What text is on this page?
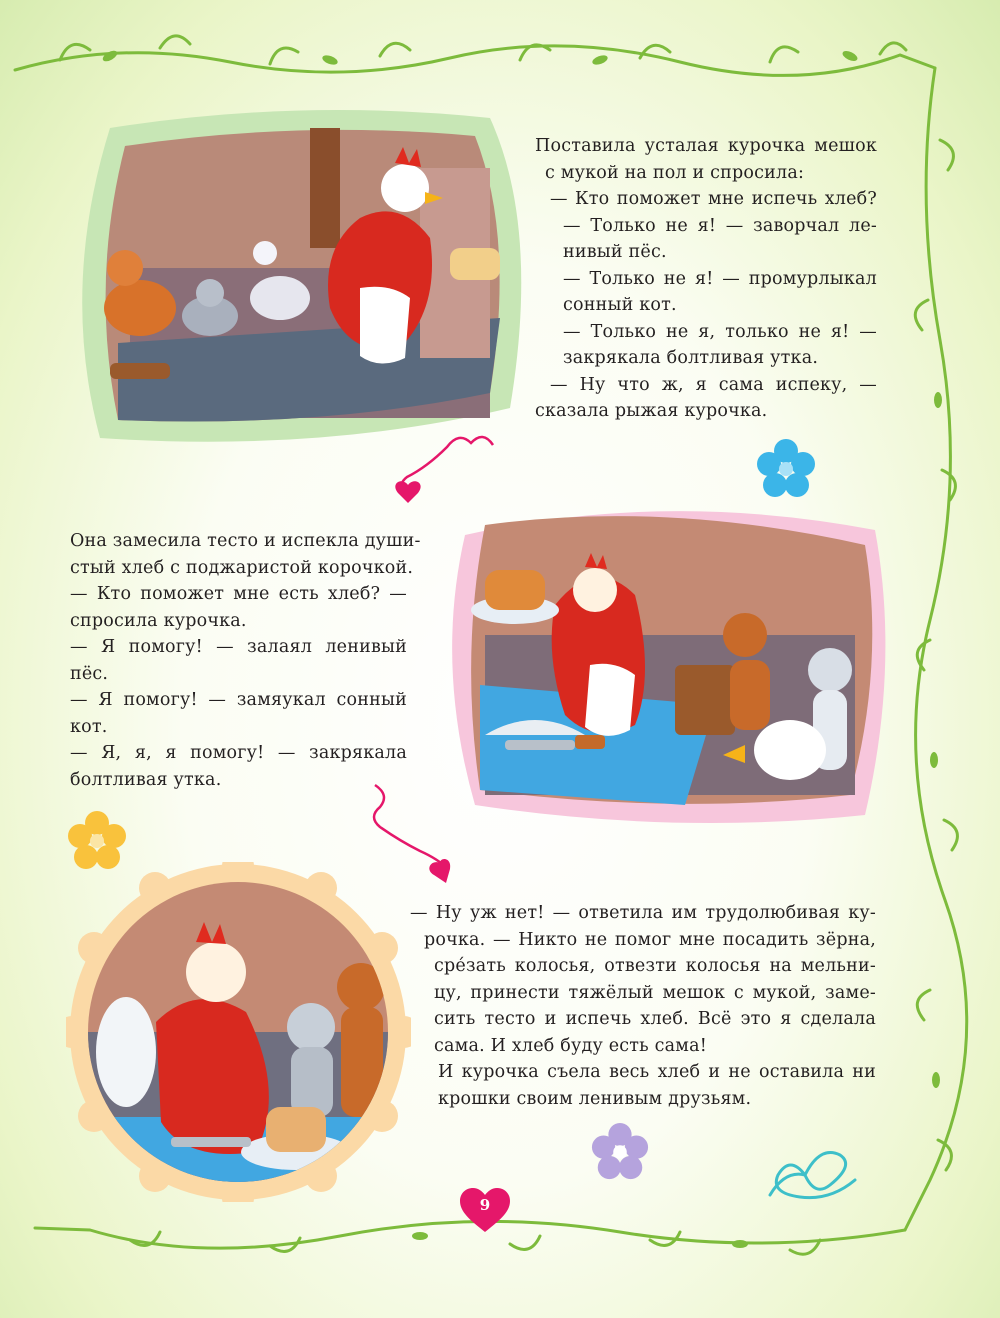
Поставила усталая курочка мешок

с мукой на пол и спросила:

— Кто поможет мне испечь хлеб?

— Только не я! — заворчал ле-

нивый пёс.

— Только не я! — промурлыкал

сонный кот.

— Только не я, только не я! —

закрякала болтливая утка.

— Ну что ж, я сама испеку, —

сказала рыжая курочка.

Она замесила тесто и испекла души-

стый хлеб с поджаристой корочкой.

— Кто поможет мне есть хлеб? —

спросила курочка.

— Я помогу! — залаял ленивый

пёс.

— Я помогу! — замяукал сонный

кот.

— Я, я, я помогу! — закрякала

болтливая утка.

— Ну уж нет! — ответила им трудолюбивая ку-

рочка. — Никто не помог мне посадить зёрна,

сре́зать колосья, отвезти колосья на мельни-

цу, принести тяжёлый мешок с мукой, заме-

сить тесто и испечь хлеб. Всё это я сделала

сама. И хлеб буду есть сама!

И курочка съела весь хлеб и не оставила ни

крошки своим ленивым друзьям.

9
